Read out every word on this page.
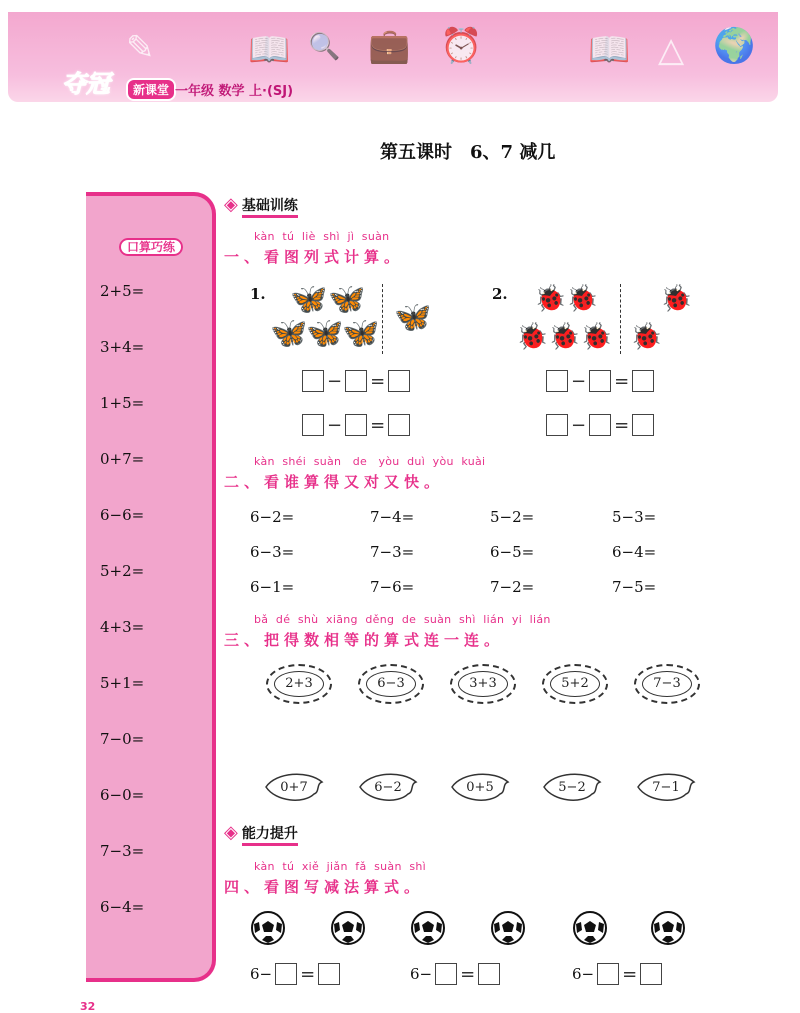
✎	📖 🔍 💼 ⏰	📖 △ 🌍
夺冠	新课堂 一年级 数学 上·(SJ)
第五课时　6、7 减几
口算巧练
2+5=
3+4=
1+5=
0+7=
6−6=
5+2=
4+3=
5+1=
7−0=
6−0=
7−3=
6−4=
◈ 基础训练
kàn  tú  liè  shì  jì  suàn
一、看图列式计算。
1. 🦋 🦋
🦋
🦋
🦋 🦋
2. 🐞 🐞
🐞 🐞 🐞
🐞
🐞
− =
− =
− =
− =
kàn  shéi  suàn   de   yòu  duì  yòu  kuài
二、看谁算得又对又快。
6−2=	7−4=	5−2=	5−3=
6−3=	7−3=	6−5=	6−4=
6−1=	7−6=	7−2=	7−5=
bǎ  dé  shù  xiāng  děng  de  suàn  shì  lián  yi  lián
三、把得数相等的算式连一连。
2+3	6−3	3+3	5+2	7−3
0+7	6−2	0+5	5−2	7−1
◈ 能力提升
kàn  tú  xiě  jiǎn  fǎ  suàn  shì
四、看图写减法算式。
6− =	6− =	6− =
32
